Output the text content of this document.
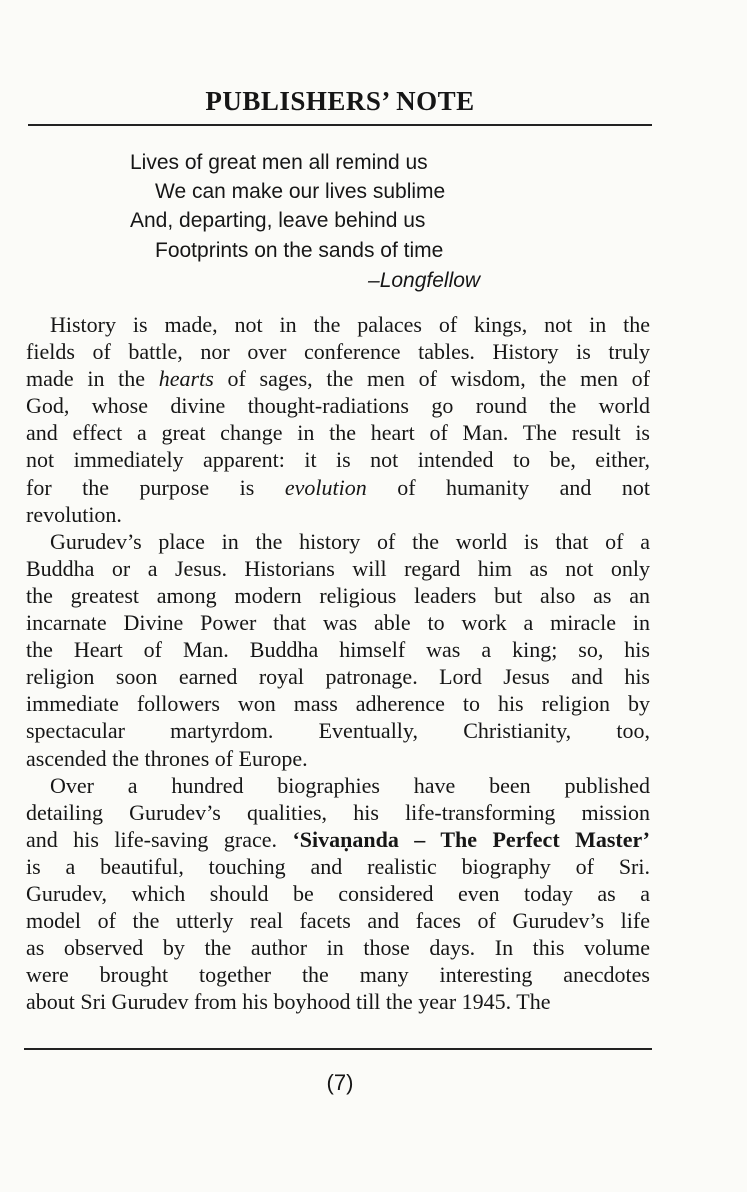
PUBLISHERS’ NOTE
Lives of great men all remind us
We can make our lives sublime
And, departing, leave behind us
Footprints on the sands of time
–Longfellow
History is made, not in the palaces of kings, not in the
fields of battle, nor over conference tables. History is truly
made in the hearts of sages, the men of wisdom, the men of
God, whose divine thought-radiations go round the world
and effect a great change in the heart of Man. The result is
not immediately apparent: it is not intended to be, either,
for the purpose is evolution of humanity and not
revolution.
Gurudev’s place in the history of the world is that of a
Buddha or a Jesus. Historians will regard him as not only
the greatest among modern religious leaders but also as an
incarnate Divine Power that was able to work a miracle in
the Heart of Man. Buddha himself was a king; so, his
religion soon earned royal patronage. Lord Jesus and his
immediate followers won mass adherence to his religion by
spectacular martyrdom. Eventually, Christianity, too,
ascended the thrones of Europe.
Over a hundred biographies have been published
detailing Gurudev’s qualities, his life-transforming mission
and his life-saving grace. ‘Sivaṇanda – The Perfect Master’
is a beautiful, touching and realistic biography of Sri.
Gurudev, which should be considered even today as a
model of the utterly real facets and faces of Gurudev’s life
as observed by the author in those days. In this volume
were brought together the many interesting anecdotes
about Sri Gurudev from his boyhood till the year 1945. The
(7)
